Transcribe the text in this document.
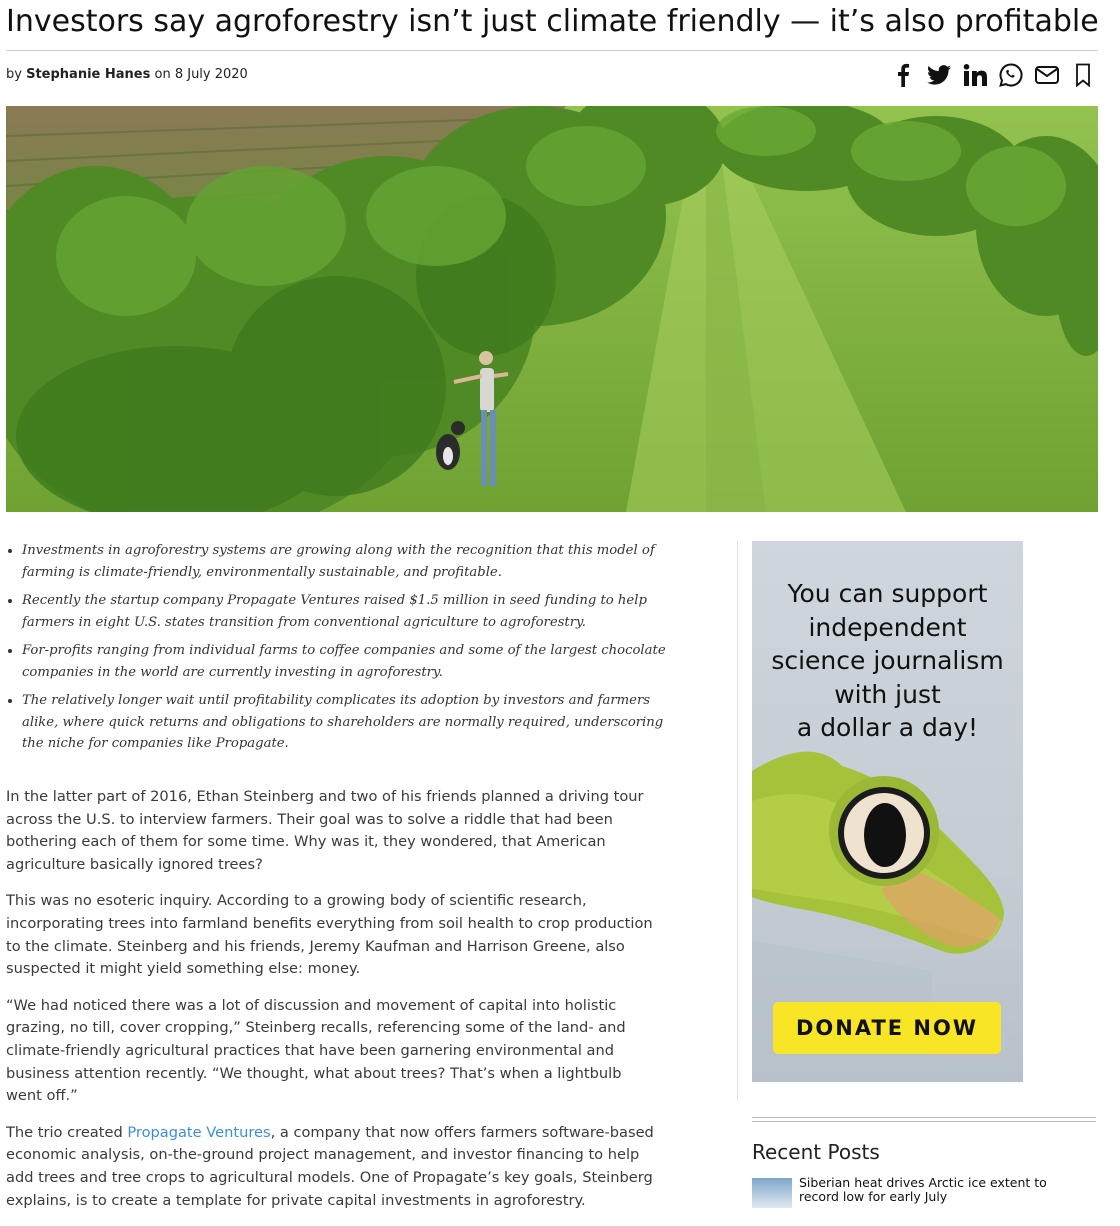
Investors say agroforestry isn’t just climate friendly — it’s also profitable
by Stephanie Hanes on 8 July 2020
• Investments in agroforestry systems are growing along with the recognition that this model of farming is climate-friendly, environmentally sustainable, and profitable.
• Recently the startup company Propagate Ventures raised $1.5 million in seed funding to help farmers in eight U.S. states transition from conventional agriculture to agroforestry.
• For-profits ranging from individual farms to coffee companies and some of the largest chocolate companies in the world are currently investing in agroforestry.
• The relatively longer wait until profitability complicates its adoption by investors and farmers alike, where quick returns and obligations to shareholders are normally required, underscoring the niche for companies like Propagate.

In the latter part of 2016, Ethan Steinberg and two of his friends planned a driving tour across the U.S. to interview farmers. Their goal was to solve a riddle that had been bothering each of them for some time. Why was it, they wondered, that American agriculture basically ignored trees?

This was no esoteric inquiry. According to a growing body of scientific research, incorporating trees into farmland benefits everything from soil health to crop production to the climate. Steinberg and his friends, Jeremy Kaufman and Harrison Greene, also suspected it might yield something else: money.

“We had noticed there was a lot of discussion and movement of capital into holistic grazing, no till, cover cropping,” Steinberg recalls, referencing some of the land- and climate-friendly agricultural practices that have been garnering environmental and business attention recently. “We thought, what about trees? That’s when a lightbulb went off.”

The trio created Propagate Ventures, a company that now offers farmers software-based economic analysis, on-the-ground project management, and investor financing to help add trees and tree crops to agricultural models. One of Propagate’s key goals, Steinberg explains, is to create a template for private capital investments in agroforestry.

You can support
independent
science journalism
with just
a dollar a day!
DONATE NOW
Recent Posts
Siberian heat drives Arctic ice extent to record low for early July
